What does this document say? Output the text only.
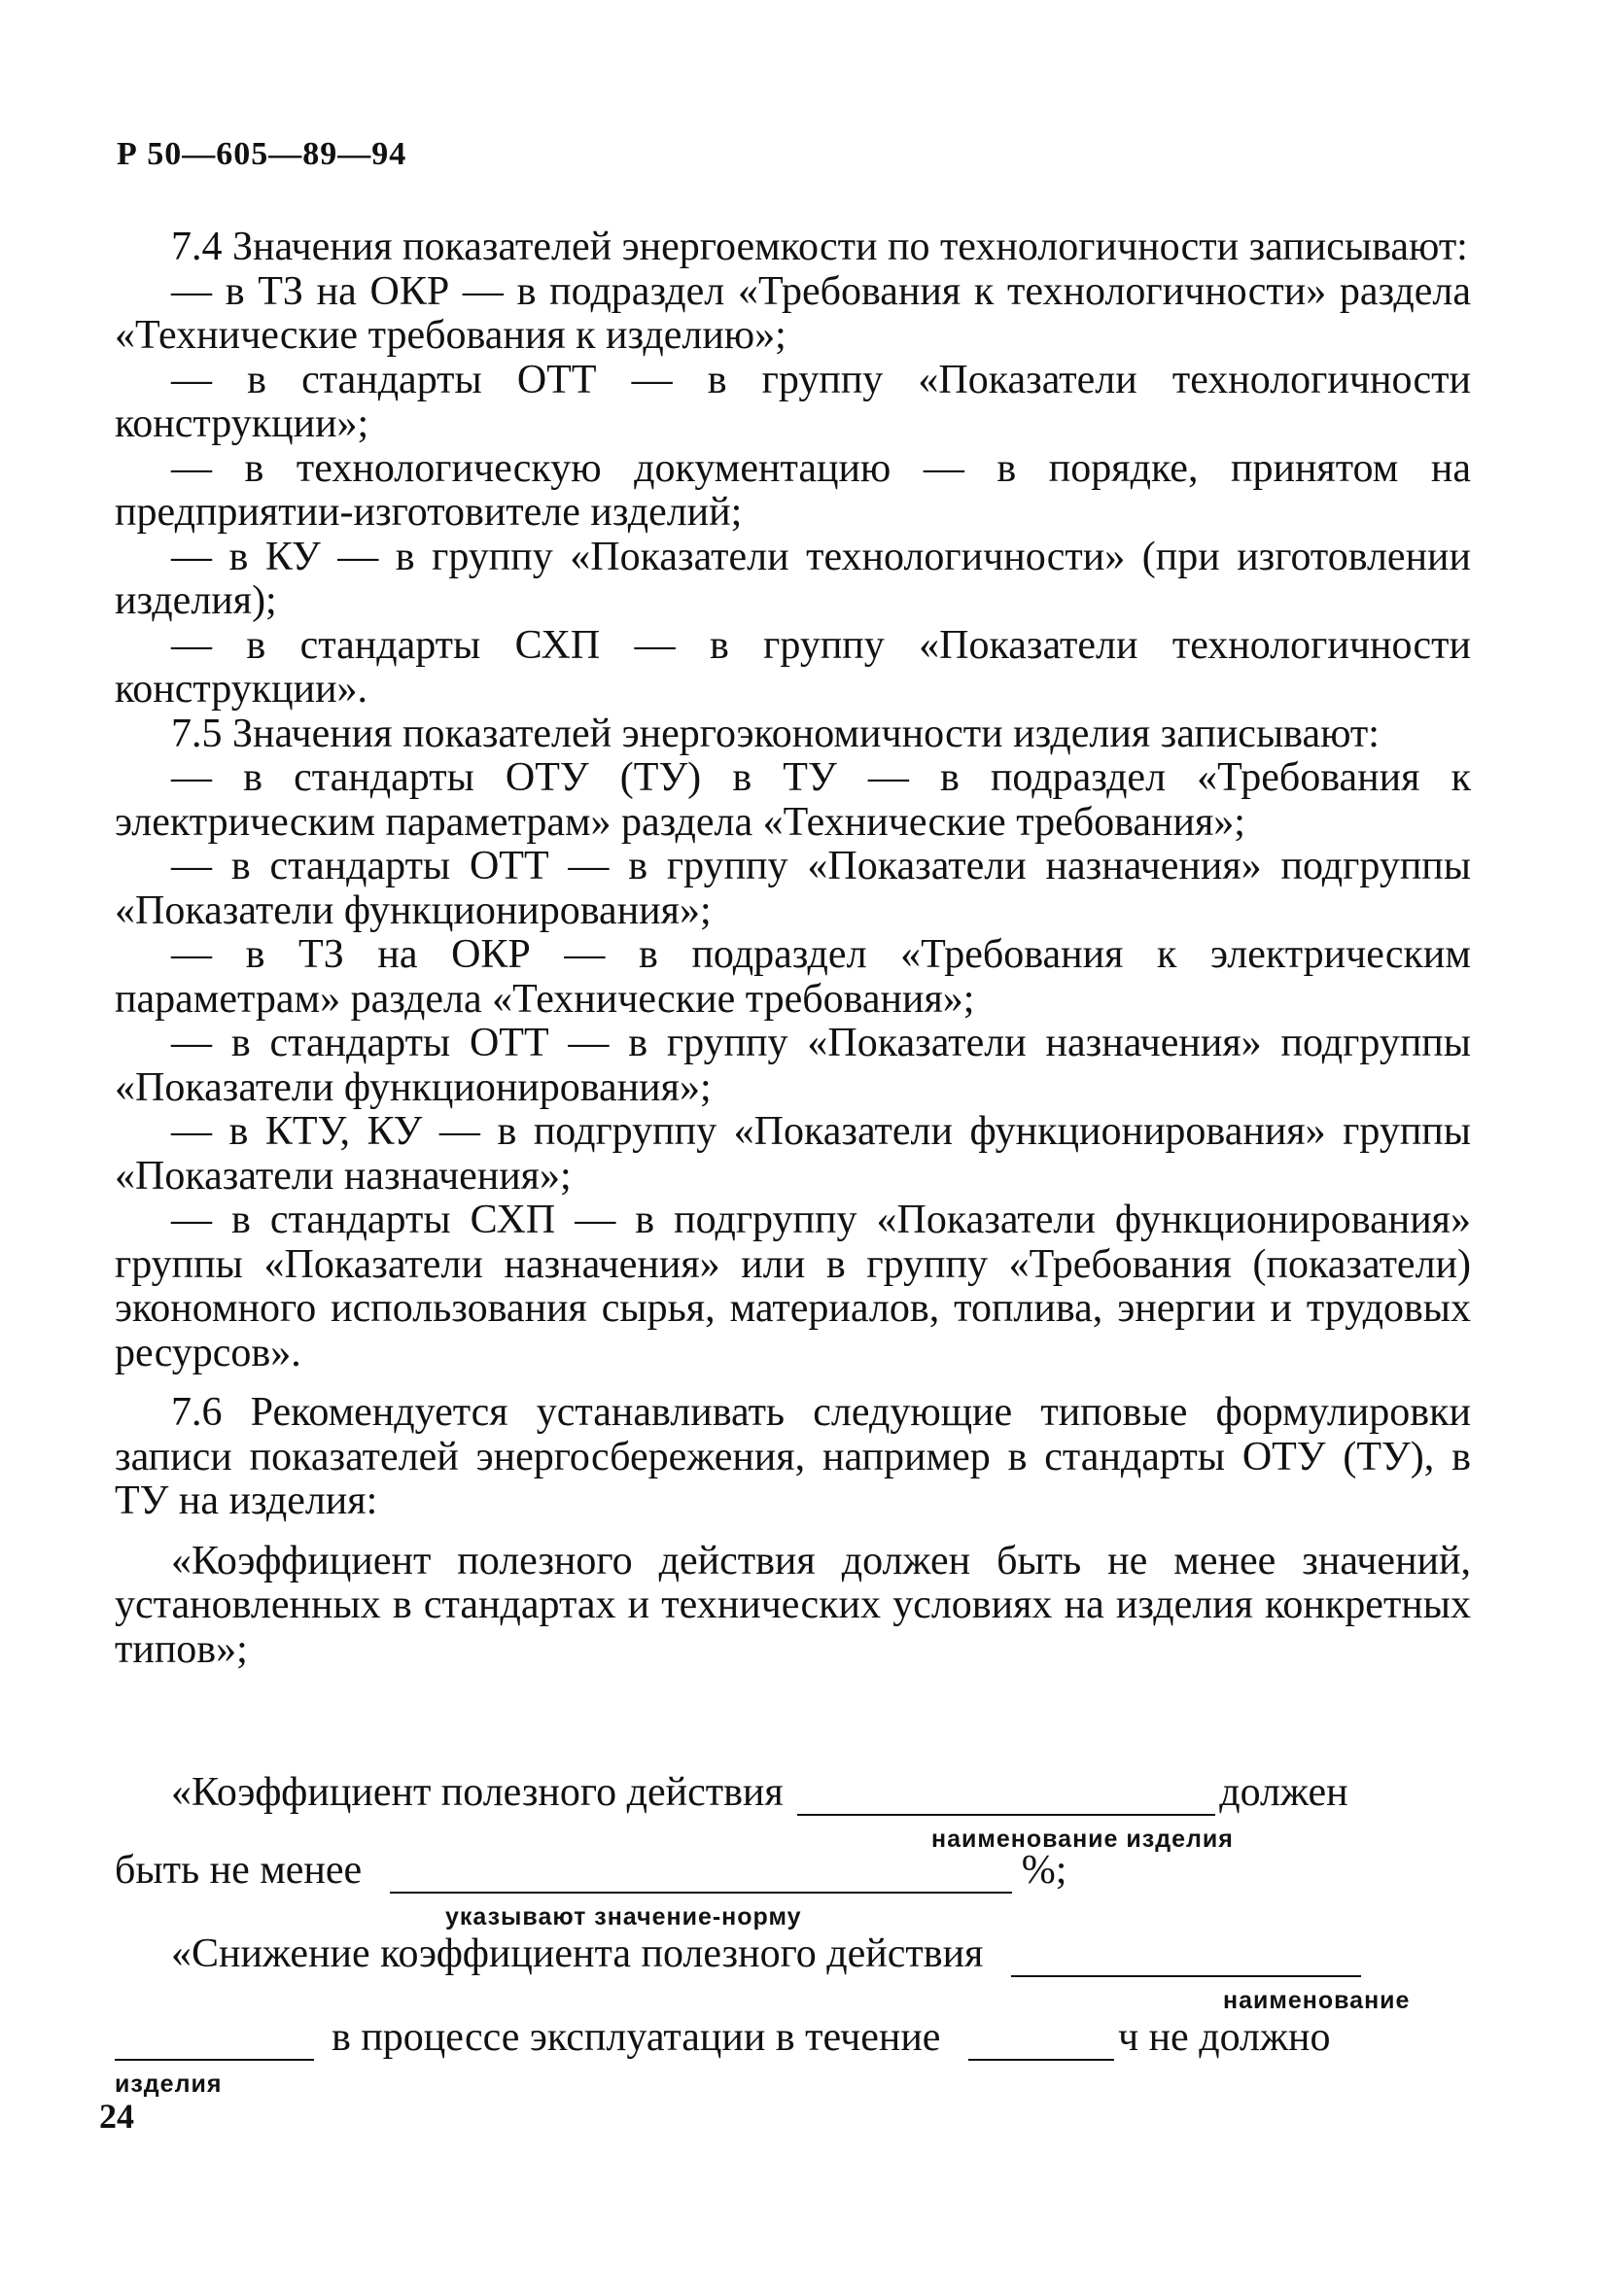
Р 50—605—89—94

7.4 Значения показателей энергоемкости по технологичности записывают:

— в ТЗ на ОКР — в подраздел «Требования к технологичности» раздела «Технические требования к изделию»;

— в стандарты ОТТ — в группу «Показатели технологичности конструкции»;

— в технологическую документацию — в порядке, принятом на предприятии-изготовителе изделий;

— в КУ — в группу «Показатели технологичности» (при изготовлении изделия);

— в стандарты СХП — в группу «Показатели технологичности конструкции».

7.5 Значения показателей энергоэкономичности изделия записывают:

— в стандарты ОТУ (ТУ) в ТУ — в подраздел «Требования к электрическим параметрам» раздела «Технические требования»;

— в стандарты ОТТ — в группу «Показатели назначения» подгруппы «Показатели функционирования»;

— в ТЗ на ОКР — в подраздел «Требования к электрическим параметрам» раздела «Технические требования»;

— в стандарты ОТТ — в группу «Показатели назначения» подгруппы «Показатели функционирования»;

— в КТУ, КУ — в подгруппу «Показатели функционирования» группы «Показатели назначения»;

— в стандарты СХП — в подгруппу «Показатели функционирования» группы «Показатели назначения» или в группу «Требования (показатели) экономного использования сырья, материалов, топлива, энергии и трудовых ресурсов».

7.6 Рекомендуется устанавливать следующие типовые формулировки записи показателей энергосбережения, например в стандарты ОТУ (ТУ), в ТУ на изделия:

«Коэффициент полезного действия должен быть не менее значений, установленных в стандартах и технических условиях на изделия конкретных типов»;

«Коэффициент полезного действия	должен
наименование изделия
быть не менее	%;
указывают значение-норму
«Снижение коэффициента полезного действия
наименование
в процессе эксплуатации в течение	ч не должно
изделия
24
